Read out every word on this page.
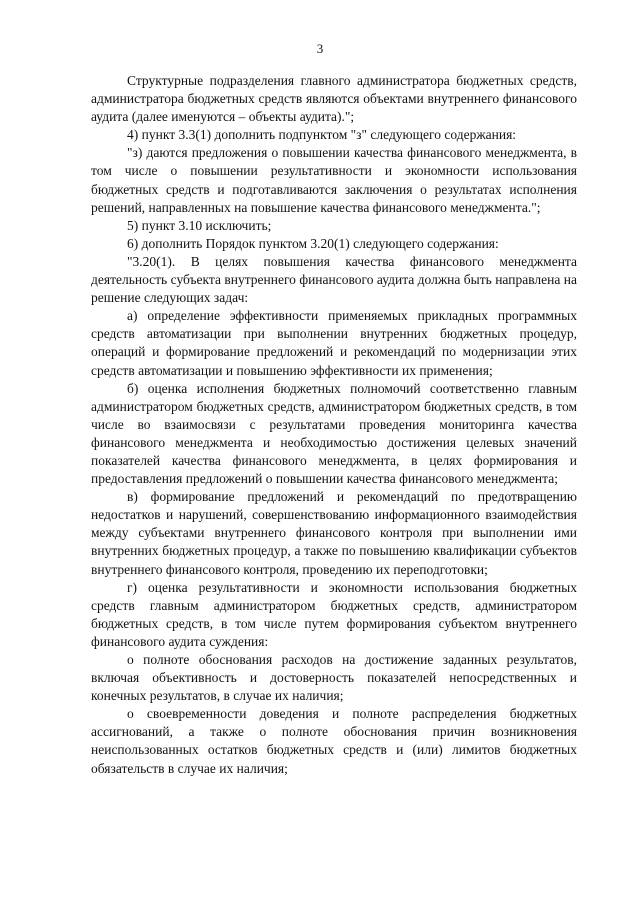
3

Структурные подразделения главного администратора бюджетных средств, администратора бюджетных средств являются объектами внутреннего финансового аудита (далее именуются – объекты аудита).";

4) пункт 3.3(1) дополнить подпунктом "з" следующего содержания:

"з) даются предложения о повышении качества финансового менеджмента, в том числе о повышении результативности и экономности использования бюджетных средств и подготавливаются заключения о результатах исполнения решений, направленных на повышение качества финансового менеджмента.";

5) пункт 3.10 исключить;

6) дополнить Порядок пунктом 3.20(1) следующего содержания:

"3.20(1). В целях повышения качества финансового менеджмента деятельность субъекта внутреннего финансового аудита должна быть направлена на решение следующих задач:

а) определение эффективности применяемых прикладных программных средств автоматизации при выполнении внутренних бюджетных процедур, операций и формирование предложений и рекомендаций по модернизации этих средств автоматизации и повышению эффективности их применения;

б) оценка исполнения бюджетных полномочий соответственно главным администратором бюджетных средств, администратором бюджетных средств, в том числе во взаимосвязи с результатами проведения мониторинга качества финансового менеджмента и необходимостью достижения целевых значений показателей качества финансового менеджмента, в целях формирования и предоставления предложений о повышении качества финансового менеджмента;

в) формирование предложений и рекомендаций по предотвращению недостатков и нарушений, совершенствованию информационного взаимодействия между субъектами внутреннего финансового контроля при выполнении ими внутренних бюджетных процедур, а также по повышению квалификации субъектов внутреннего финансового контроля, проведению их переподготовки;

г) оценка результативности и экономности использования бюджетных средств главным администратором бюджетных средств, администратором бюджетных средств, в том числе путем формирования субъектом внутреннего финансового аудита суждения:

о полноте обоснования расходов на достижение заданных результатов, включая объективность и достоверность показателей непосредственных и конечных результатов, в случае их наличия;

о своевременности доведения и полноте распределения бюджетных ассигнований, а также о полноте обоснования причин возникновения неиспользованных остатков бюджетных средств и (или) лимитов бюджетных обязательств в случае их наличия;
